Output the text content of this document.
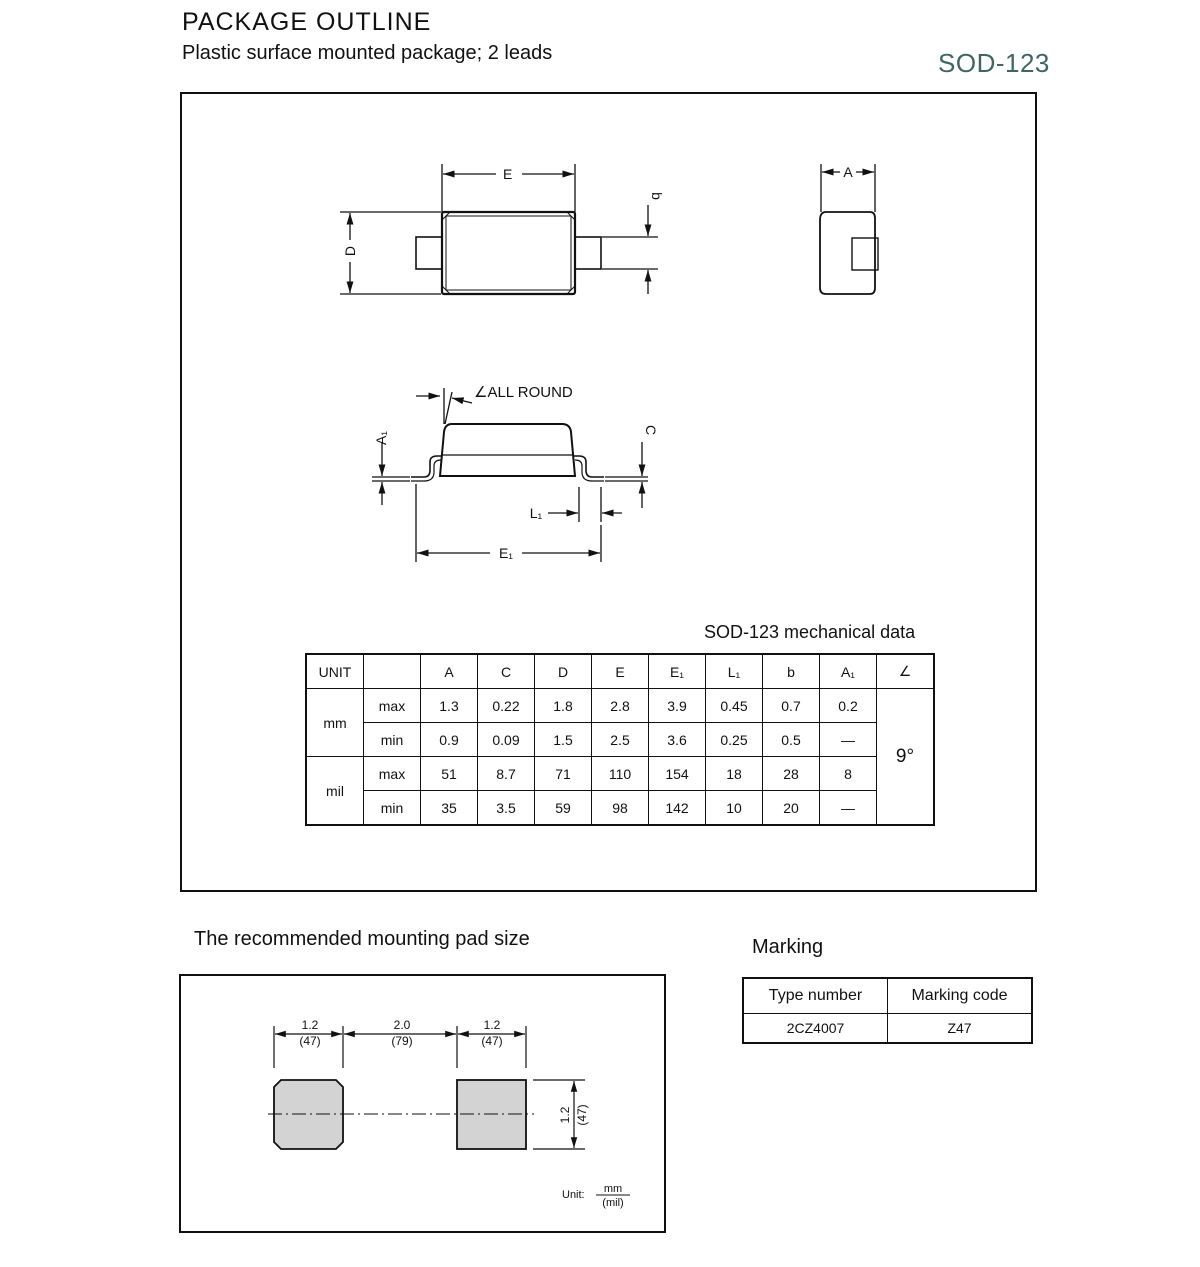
PACKAGE OUTLINE
Plastic surface mounted package; 2 leads	SOD-123
E
D
b
A
∠ALL ROUND
A₁
C
L₁
E₁
1.2
(47)
2.0
(79)
1.2
(47)
1.2 (47)
Unit: mm
(mil)
SOD-123 mechanical data
UNIT		A	C	D	E	E₁	L₁	b	A₁	∠
mm	max	1.3	0.22	1.8	2.8	3.9	0.45	0.7	0.2	9°
	min	0.9	0.09	1.5	2.5	3.6	0.25	0.5	—	
mil	max	51	8.7	71	110	154	18	28	8	
	min	35	3.5	59	98	142	10	20	—	
The recommended mounting pad size	Marking
Type number	Marking code
2CZ4007	Z47
